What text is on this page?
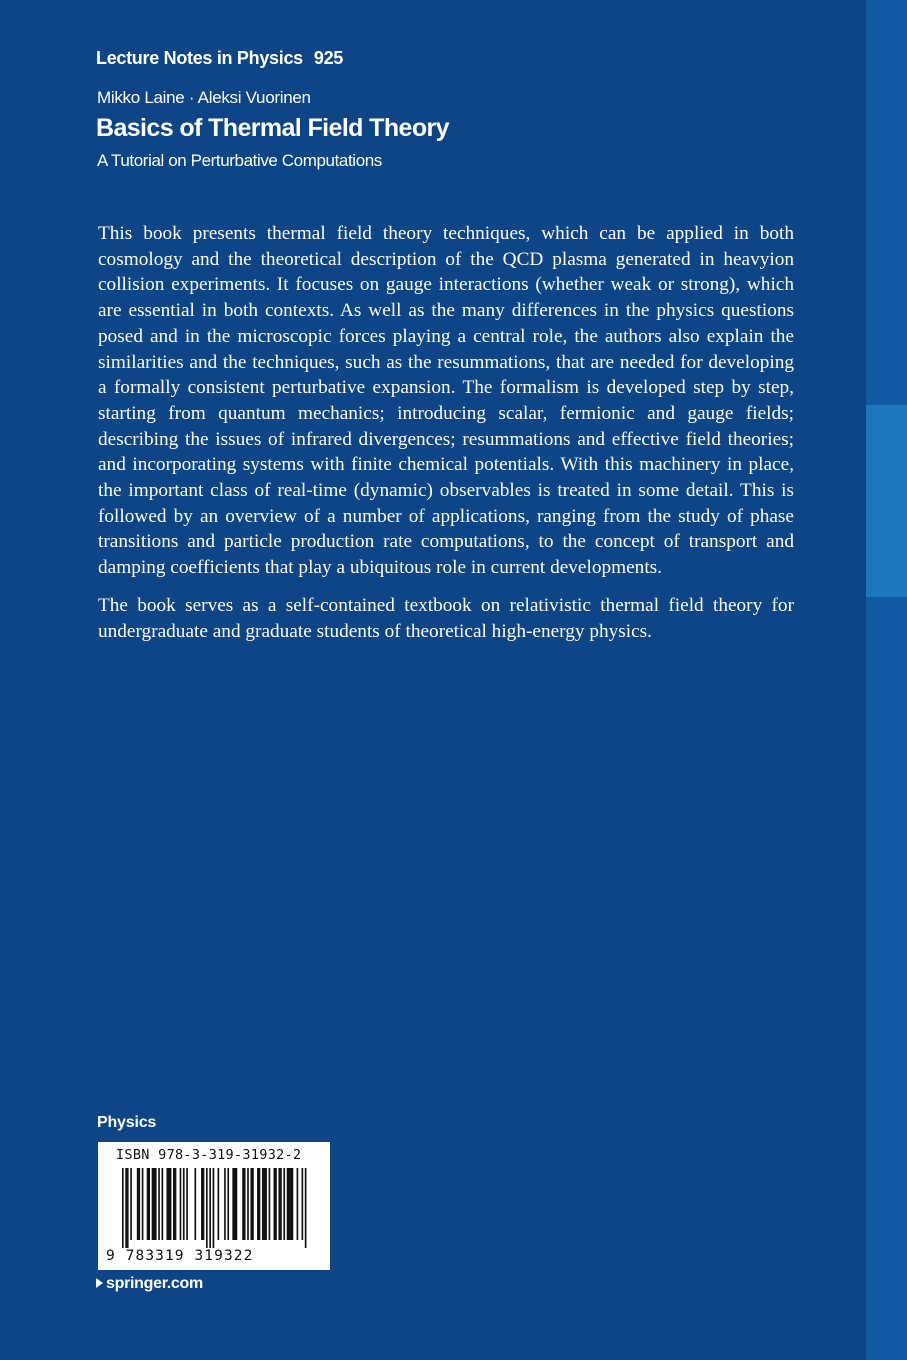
Lecture Notes in Physics 925
Mikko Laine · Aleksi Vuorinen
Basics of Thermal Field Theory
A Tutorial on Perturbative Computations

This book presents thermal field theory techniques, which can be applied in both cosmology and the theoretical description of the QCD plasma generated in heavyion collision experiments. It focuses on gauge interactions (whether weak or strong), which are essential in both contexts. As well as the many differences in the physics questions posed and in the microscopic forces playing a central role, the authors also explain the similarities and the techniques, such as the resummations, that are needed for developing a formally consistent perturbative expansion. The formalism is developed step by step, starting from quantum mechanics; introducing scalar, fermionic and gauge fields; describing the issues of infrared divergences; resummations and effective field theories; and incorporating systems with finite chemical potentials. With this machinery in place, the important class of real-time (dynamic) observables is treated in some detail. This is followed by an overview of a number of applications, ranging from the study of phase transitions and particle production rate computations, to the concept of transport and damping coefficients that play a ubiquitous role in current developments.

The book serves as a self-contained textbook on relativistic thermal field theory for undergraduate and graduate students of theoretical high-energy physics.

Physics
ISBN 978-3-319-31932-2
9 783319 319322
springer.com
